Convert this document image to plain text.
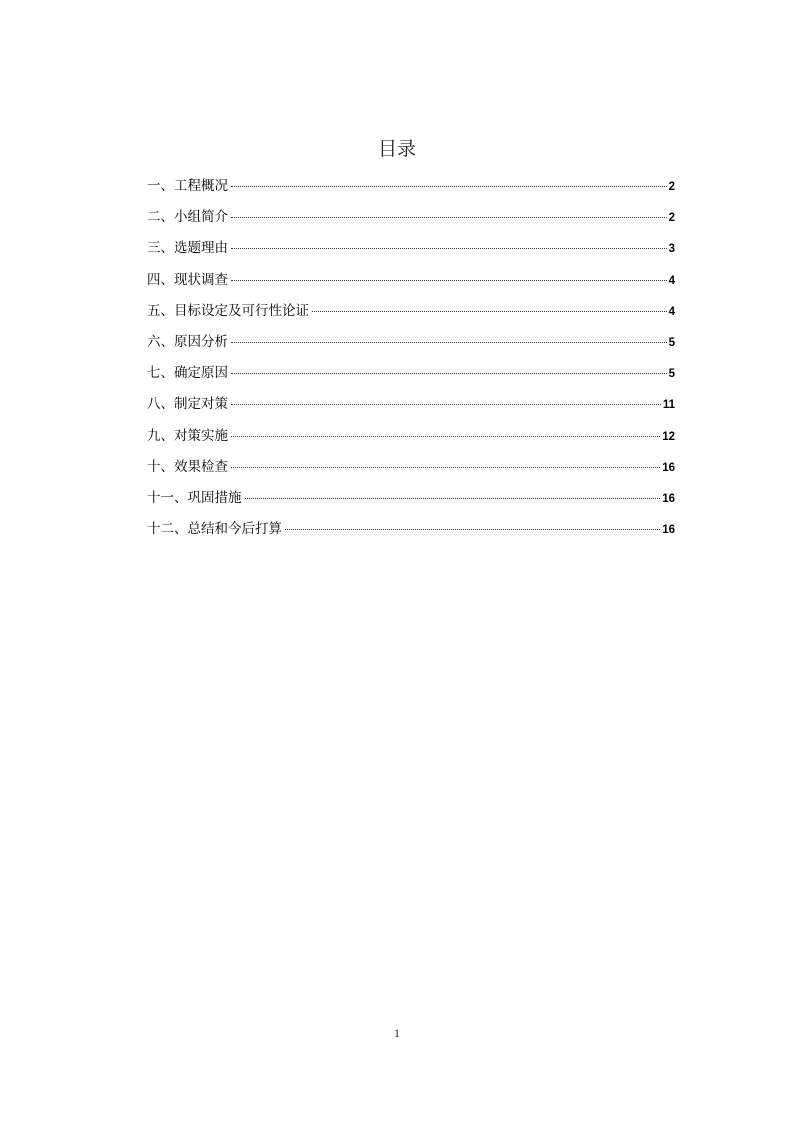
目录
一、工程概况	2
二、小组简介	2
三、选题理由	3
四、现状调查	4
五、目标设定及可行性论证	4
六、原因分析	5
七、确定原因	5
八、制定对策	11
九、对策实施	12
十、效果检查	16
十一、巩固措施	16
十二、总结和今后打算	16
1
